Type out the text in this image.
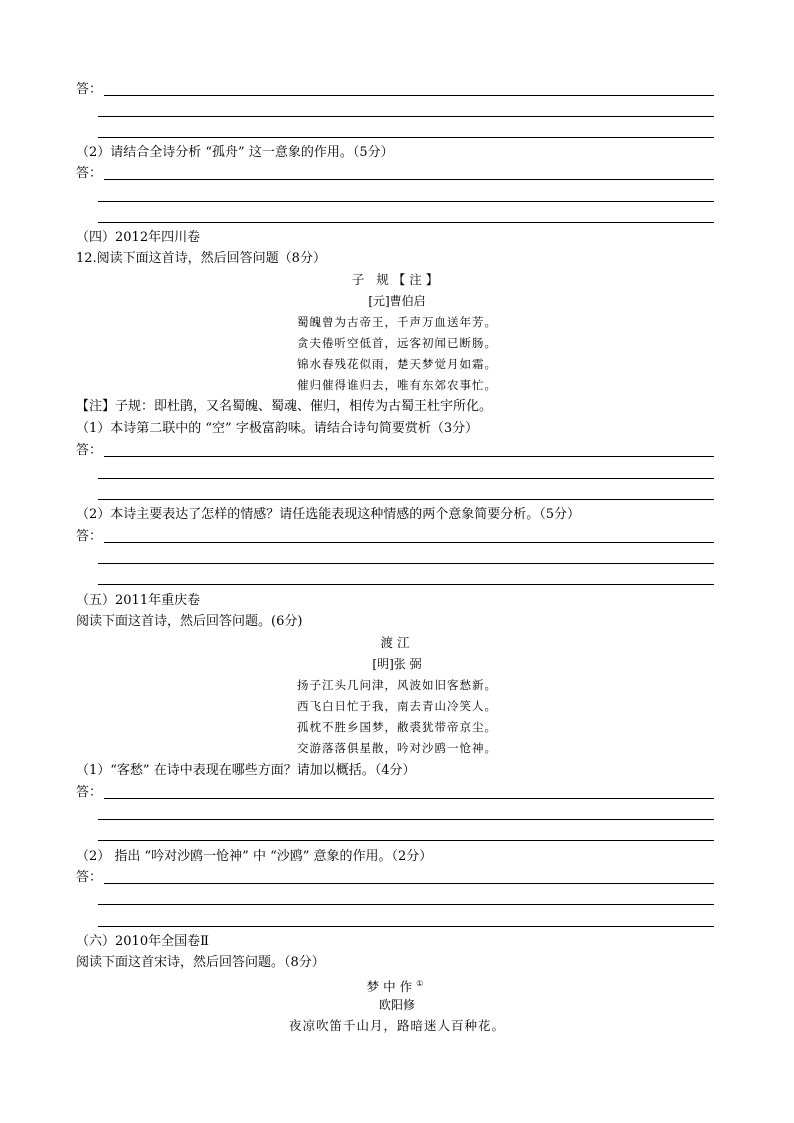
答：
（2）请结合全诗分析 “孤舟” 这一意象的作用。（5分）
答：
（四）2012年四川卷
12.阅读下面这首诗，然后回答问题（8分）
子 规【注】
[元]曹伯启
蜀魄曾为古帝王，千声万血送年芳。
贪夫倦听空低首，远客初闻已断肠。
锦水春残花似雨，楚天梦觉月如霜。
催归催得谁归去，唯有东郊农事忙。
【注】子规：即杜鹃，又名蜀魄、蜀魂、催归，相传为古蜀王杜宇所化。
（1）本诗第二联中的 “空” 字极富韵味。请结合诗句简要赏析（3分）
答：
（2）本诗主要表达了怎样的情感？请任选能表现这种情感的两个意象简要分析。（5分）
答：
（五）2011年重庆卷
阅读下面这首诗，然后回答问题。(6分)
渡江
[明]张 弼
扬子江头几问津，风波如旧客愁新。
西飞白日忙于我，南去青山冷笑人。
孤枕不胜乡国梦，敝裘犹带帝京尘。
交游落落俱星散，吟对沙鸥一怆神。
（1）“客愁” 在诗中表现在哪些方面？请加以概括。（4分）
答：
（2） 指出 “吟对沙鸥一怆神” 中 “沙鸥” 意象的作用。（2分）
答：
（六）2010年全国卷Ⅱ
阅读下面这首宋诗，然后回答问题。（8分）
梦中作①
欧阳修
夜凉吹笛千山月，路暗迷人百种花。
